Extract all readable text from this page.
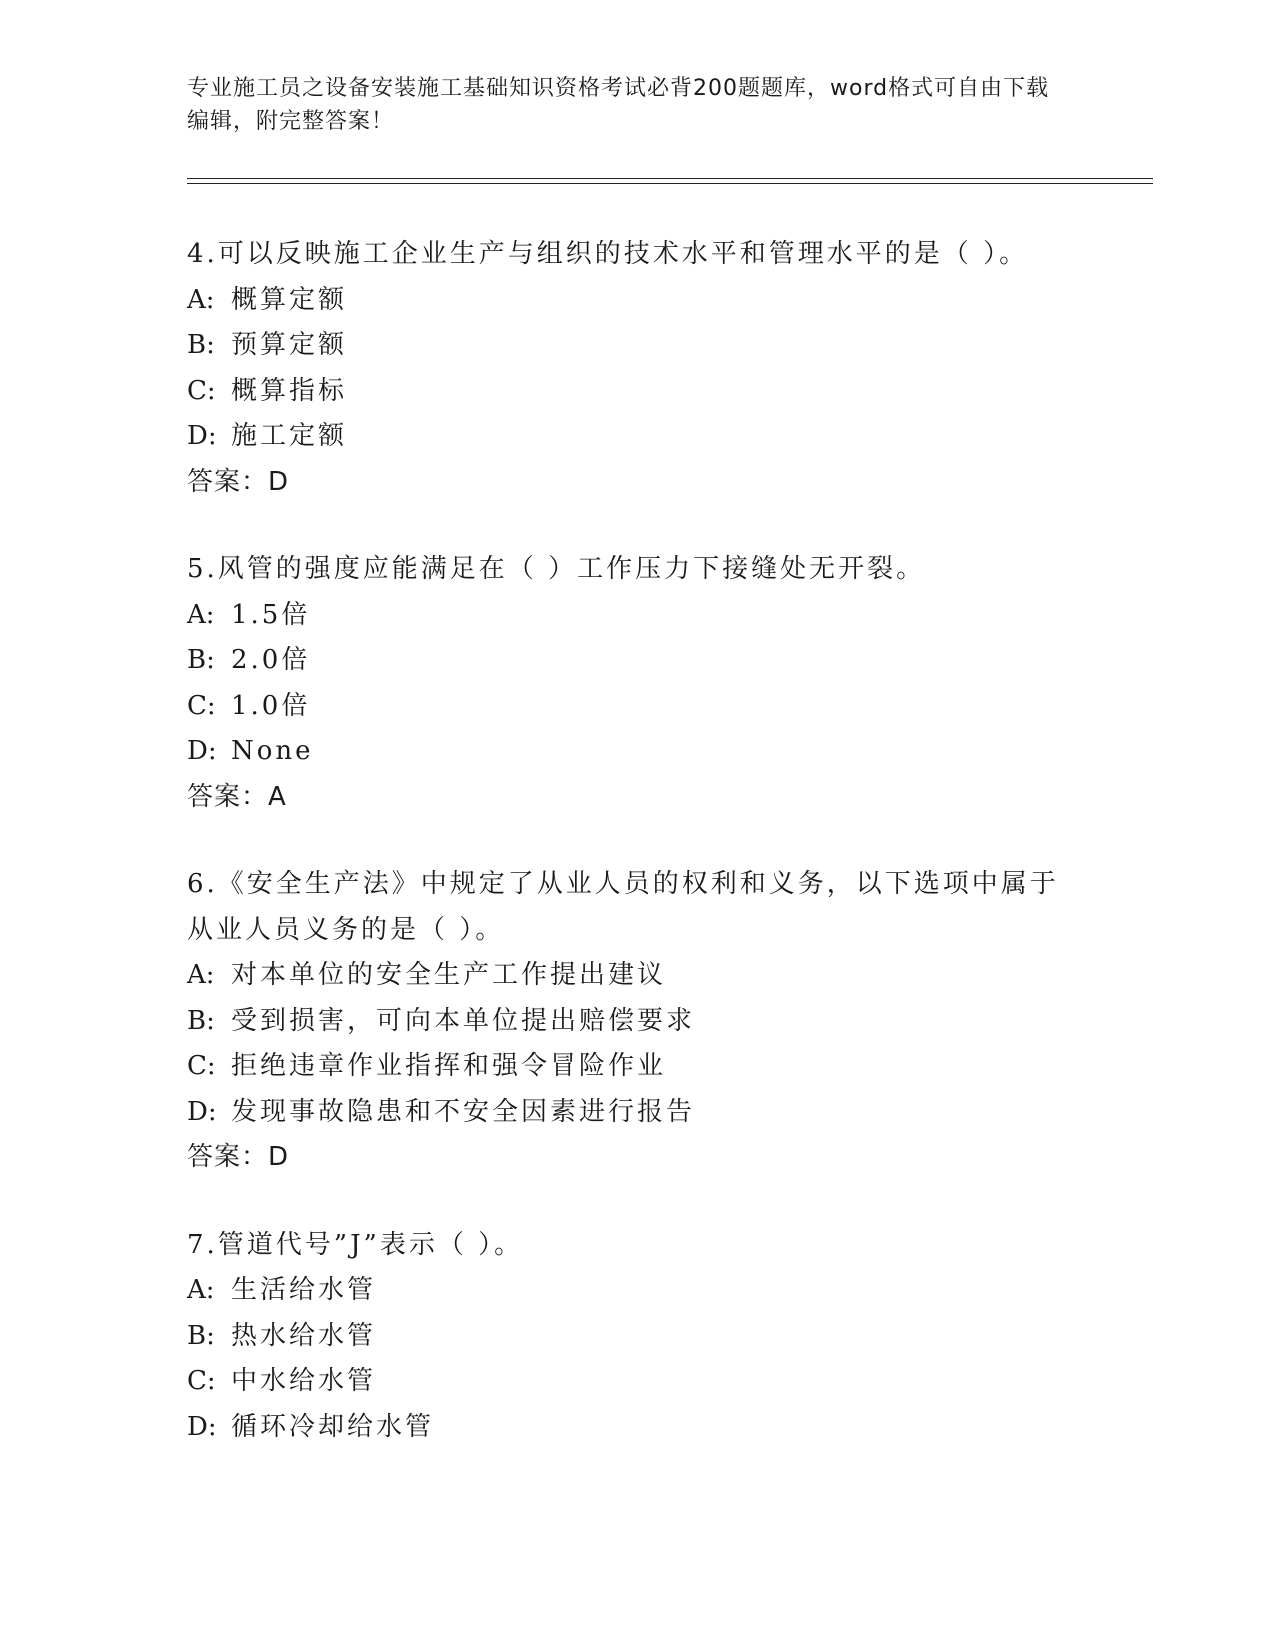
专业施工员之设备安装施工基础知识资格考试必背200题题库，word格式可自由下载编辑，附完整答案！
4.可以反映施工企业生产与组织的技术水平和管理水平的是（ ）。
A: 概算定额
B: 预算定额
C: 概算指标
D: 施工定额
答案：D
5.风管的强度应能满足在（ ）工作压力下接缝处无开裂。
A: 1.5倍
B: 2.0倍
C: 1.0倍
D: None
答案：A
6.《安全生产法》中规定了从业人员的权利和义务，以下选项中属于从业人员义务的是（ ）。
A: 对本单位的安全生产工作提出建议
B: 受到损害，可向本单位提出赔偿要求
C: 拒绝违章作业指挥和强令冒险作业
D: 发现事故隐患和不安全因素进行报告
答案：D
7.管道代号”J”表示（ ）。
A: 生活给水管
B: 热水给水管
C: 中水给水管
D: 循环冷却给水管
